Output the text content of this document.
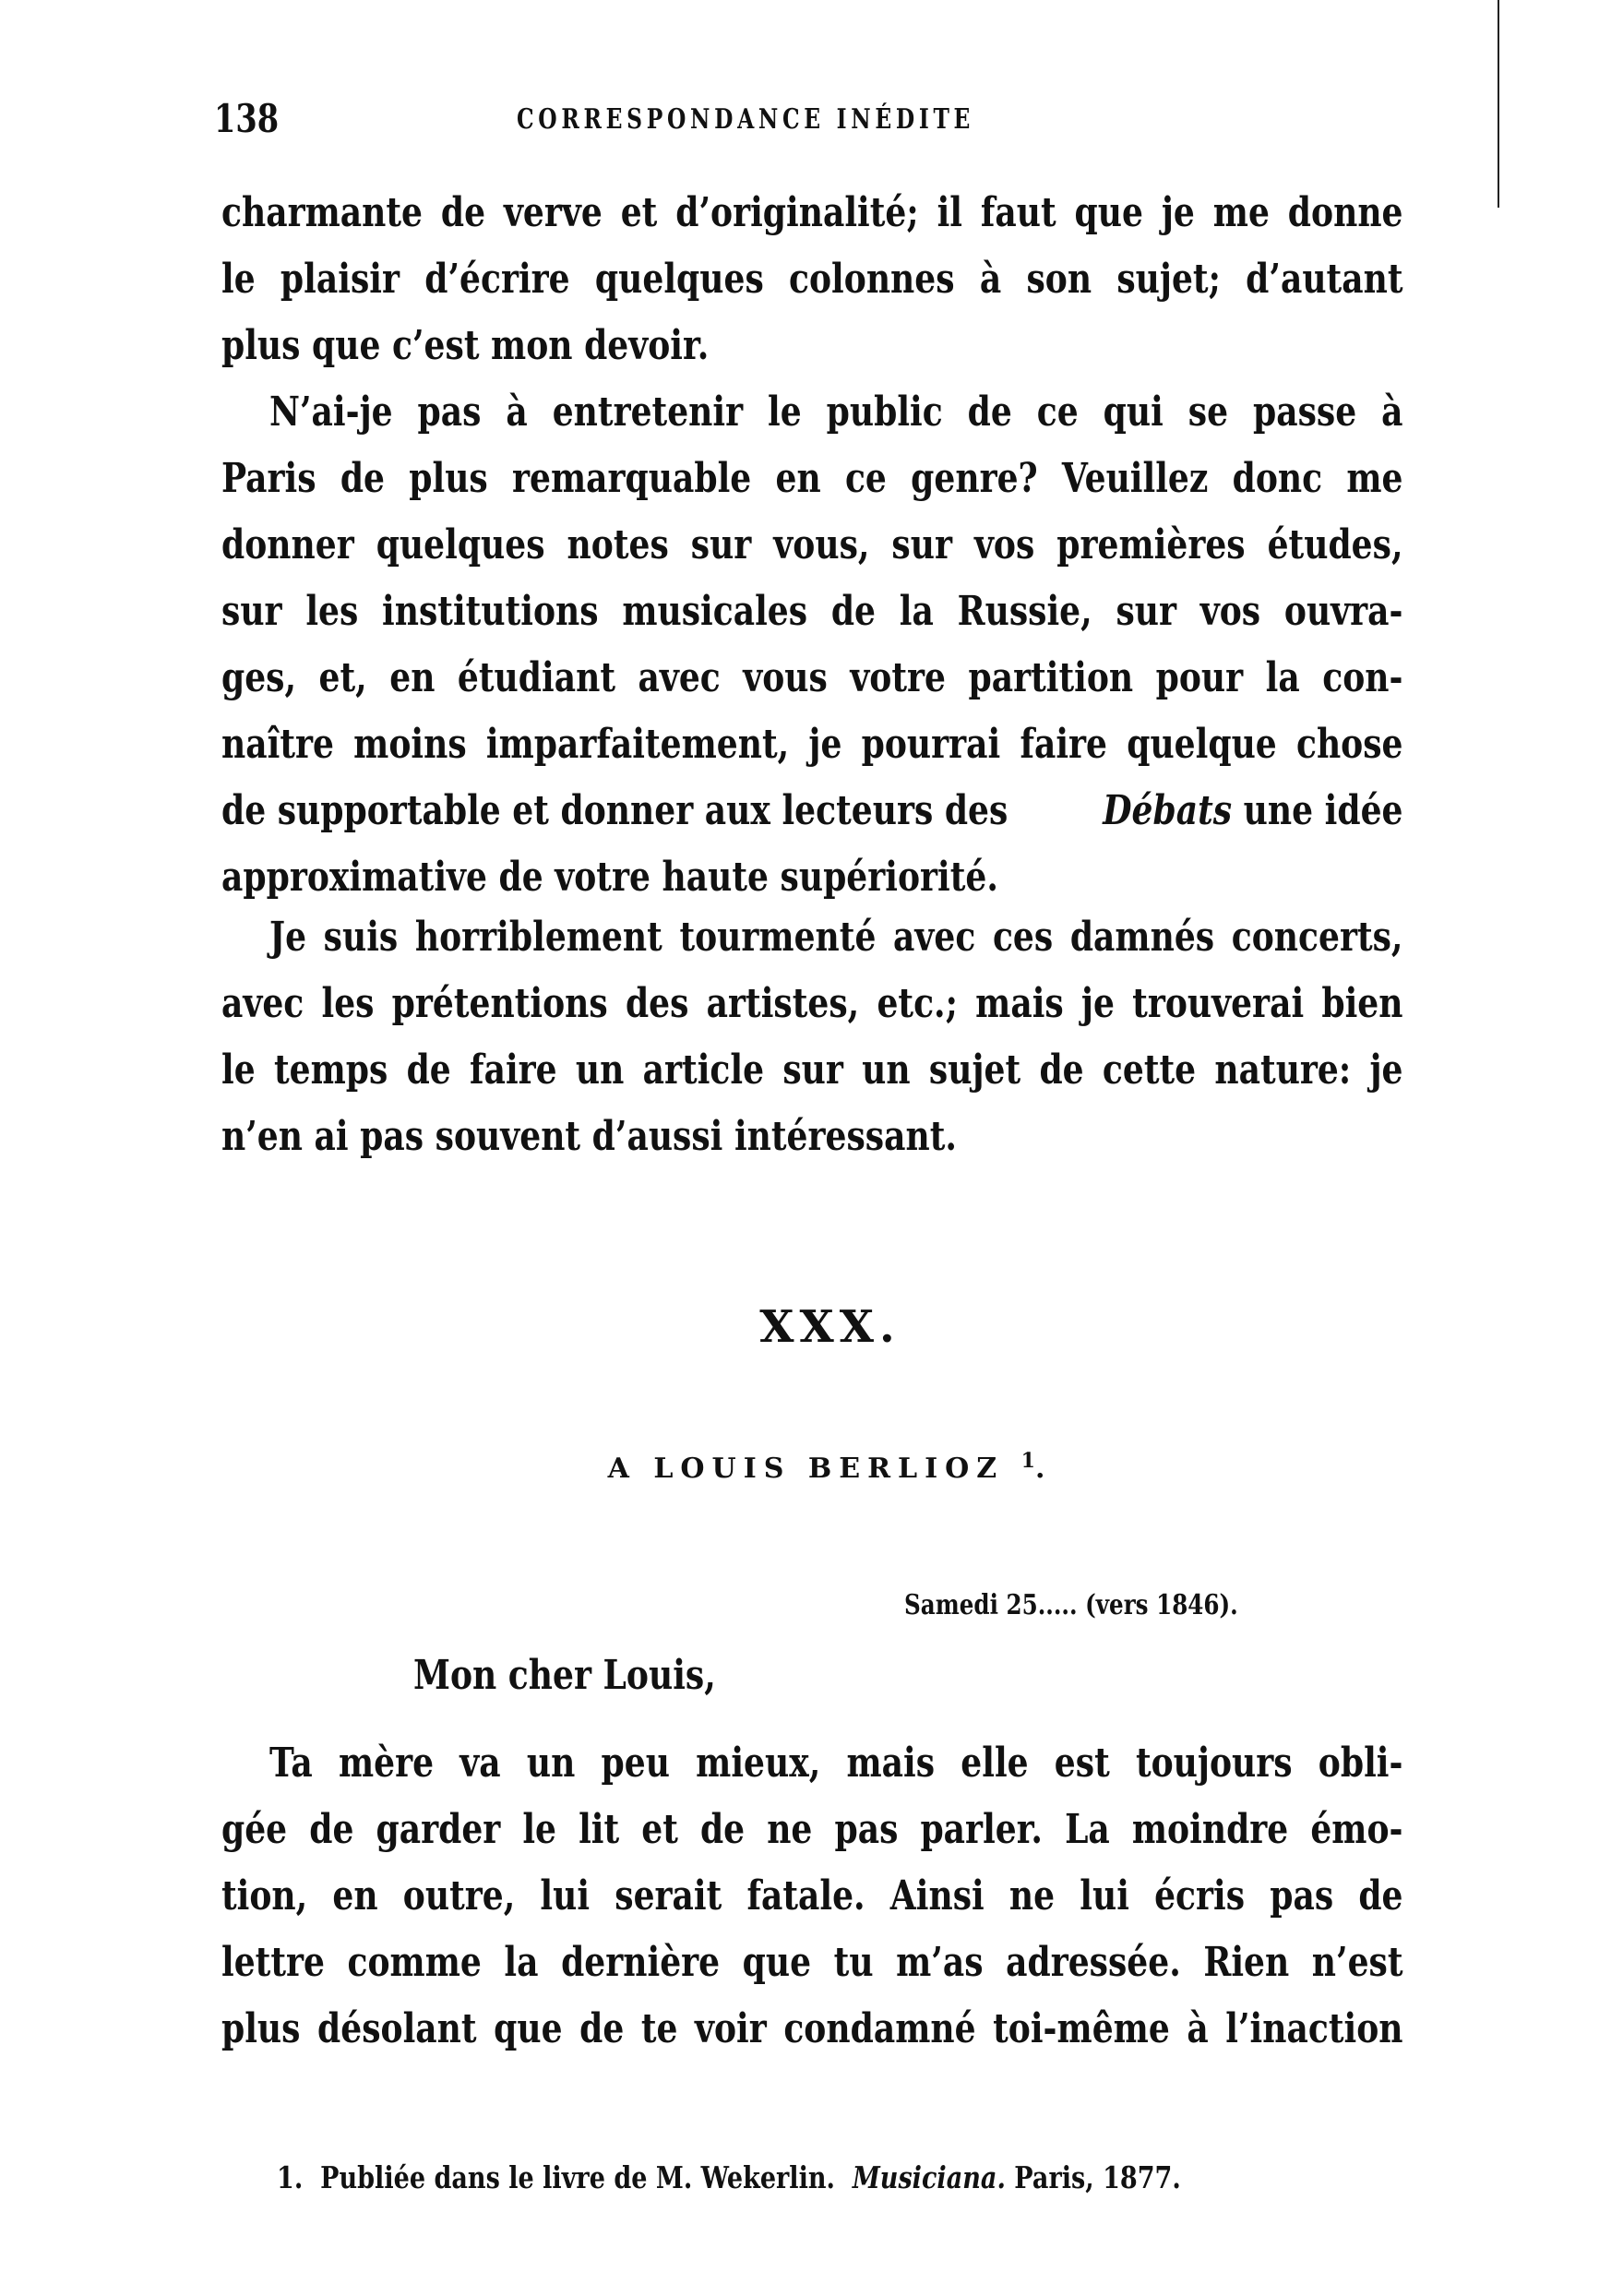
138	CORRESPONDANCE INÉDITE
charmante de verve et d’originalité; il faut que je me donne
le plaisir d’écrire quelques colonnes à son sujet; d’autant
plus que c’est mon devoir.
N’ai-je pas à entretenir le public de ce qui se passe à
Paris de plus remarquable en ce genre? Veuillez donc me
donner quelques notes sur vous, sur vos premières études,
sur les institutions musicales de la Russie, sur vos ouvra-
ges, et, en étudiant avec vous votre partition pour la con-
naître moins imparfaitement, je pourrai faire quelque chose
de supportable et donner aux lecteurs des Débats une idée
approximative de votre haute supériorité.
Je suis horriblement tourmenté avec ces damnés concerts,
avec les prétentions des artistes, etc.; mais je trouverai bien
le temps de faire un article sur un sujet de cette nature: je
n’en ai pas souvent d’aussi intéressant.
XXX.
A LOUIS BERLIOZ $^1$.
Samedi 25..... (vers 1846).
Mon cher Louis,
Ta mère va un peu mieux, mais elle est toujours obli-
gée de garder le lit et de ne pas parler. La moindre émo-
tion, en outre, lui serait fatale. Ainsi ne lui écris pas de
lettre comme la dernière que tu m’as adressée. Rien n’est
plus désolant que de te voir condamné toi-même à l’inaction
1. Publiée dans le livre de M. Wekerlin. Musiciana. Paris, 1877.
